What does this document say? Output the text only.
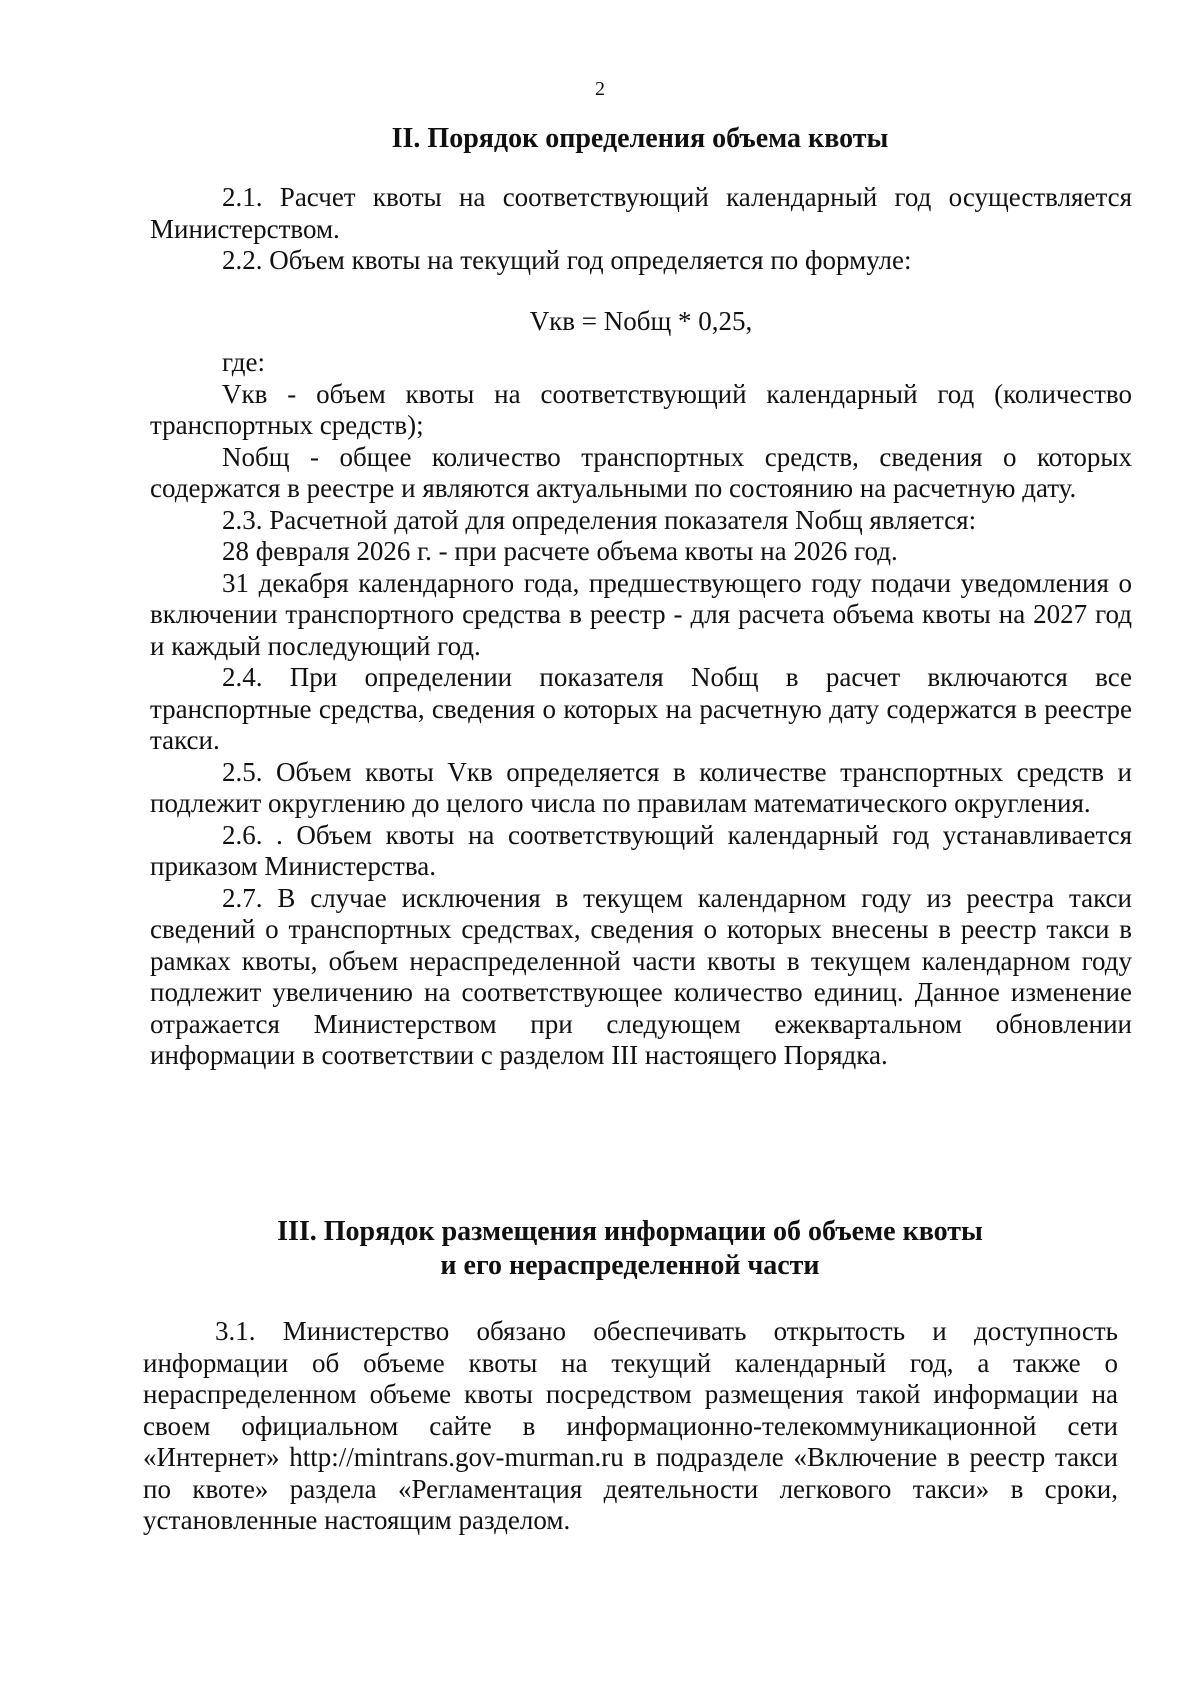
2
II. Порядок определения объема квоты

2.1. Расчет квоты на соответствующий календарный год осуществляется Министерством.

2.2. Объем квоты на текущий год определяется по формуле:

Vкв = Nобщ * 0,25,

где:

Vкв - объем квоты на соответствующий календарный год (количество транспортных средств);

Nобщ - общее количество транспортных средств, сведения о которых содержатся в реестре и являются актуальными по состоянию на расчетную дату.

2.3. Расчетной датой для определения показателя Nобщ является:

28 февраля 2026 г. - при расчете объема квоты на 2026 год.

31 декабря календарного года, предшествующего году подачи уведомления о включении транспортного средства в реестр - для расчета объема квоты на 2027 год и каждый последующий год.

2.4. При определении показателя Nобщ в расчет включаются все транспортные средства, сведения о которых на расчетную дату содержатся в реестре такси.

2.5. Объем квоты Vкв определяется в количестве транспортных средств и подлежит округлению до целого числа по правилам математического округления.

2.6. . Объем квоты на соответствующий календарный год устанавливается приказом Министерства.

2.7. В случае исключения в текущем календарном году из реестра такси сведений о транспортных средствах, сведения о которых внесены в реестр такси в рамках квоты, объем нераспределенной части квоты в текущем календарном году подлежит увеличению на соответствующее количество единиц. Данное изменение отражается Министерством при следующем ежеквартальном обновлении информации в соответствии с разделом III настоящего Порядка.

III. Порядок размещения информации об объеме квоты
и его нераспределенной части

3.1. Министерство обязано обеспечивать открытость и доступность информации об объеме квоты на текущий календарный год, а также о нераспределенном объеме квоты посредством размещения такой информации на своем официальном сайте в информационно-телекоммуникационной сети «Интернет» http://mintrans.gov-murman.ru в подразделе «Включение в реестр такси по квоте» раздела «Регламентация деятельности легкового такси» в сроки, установленные настоящим разделом.
